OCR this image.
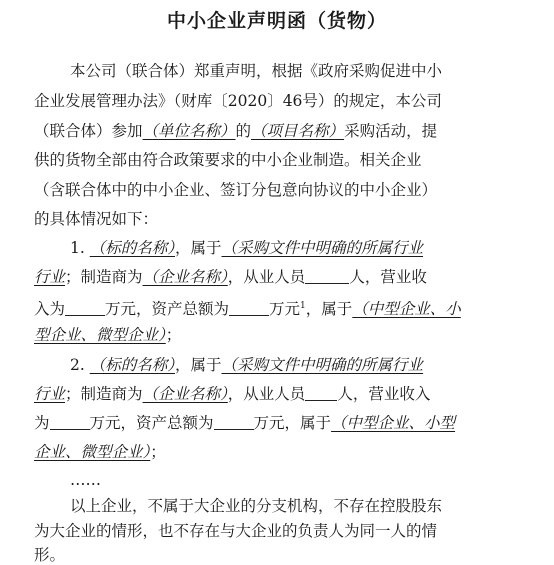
中小企业声明函（货物）
本公司（联合体）郑重声明，根据《政府采购促进中小
企业发展管理办法》（财库〔2020〕46号）的规定，本公司
（联合体）参加（单位名称）的（项目名称）采购活动，提
供的货物全部由符合政策要求的中小企业制造。相关企业
（含联合体中的中小企业、签订分包意向协议的中小企业）
的具体情况如下：
1. （标的名称），属于（采购文件中明确的所属行业
行业；制造商为（企业名称），从业人员	人，营业收
入为	万元，资产总额为	万元$^1$，属于（中型企业、小
型企业、微型企业）；
2. （标的名称），属于（采购文件中明确的所属行业
行业；制造商为（企业名称），从业人员 人，营业收入
为	万元，资产总额为	万元，属于（中型企业、小型
企业、微型企业）；
……
以上企业，不属于大企业的分支机构，不存在控股股东
为大企业的情形，也不存在与大企业的负责人为同一人的情
形。
